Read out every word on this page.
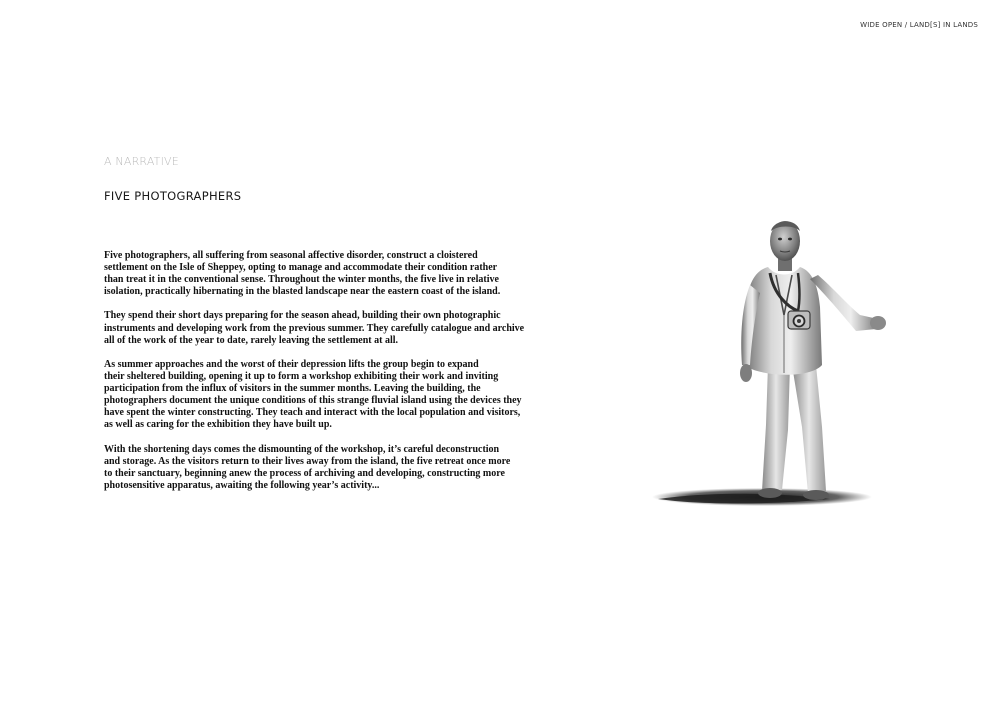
WIDE OPEN / LAND[S] IN LANDS
A NARRATIVE
FIVE PHOTOGRAPHERS

Five photographers, all suffering from seasonal affective disorder, construct a cloistered
settlement on the Isle of Sheppey, opting to manage and accommodate their condition rather
than treat it in the conventional sense. Throughout the winter months, the five live in relative
isolation, practically hibernating in the blasted landscape near the eastern coast of the island.

They spend their short days preparing for the season ahead, building their own photographic
instruments and developing work from the previous summer. They carefully catalogue and archive
all of the work of the year to date, rarely leaving the settlement at all.

As summer approaches and the worst of their depression lifts the group begin to expand
their sheltered building, opening it up to form a workshop exhibiting their work and inviting
participation from the influx of visitors in the summer months. Leaving the building, the
photographers document the unique conditions of this strange fluvial island using the devices they
have spent the winter constructing. They teach and interact with the local population and visitors,
as well as caring for the exhibition they have built up.

With the shortening days comes the dismounting of the workshop, it’s careful deconstruction
and storage. As the visitors return to their lives away from the island, the five retreat once more
to their sanctuary, beginning anew the process of archiving and developing, constructing more
photosensitive apparatus, awaiting the following year’s activity...
